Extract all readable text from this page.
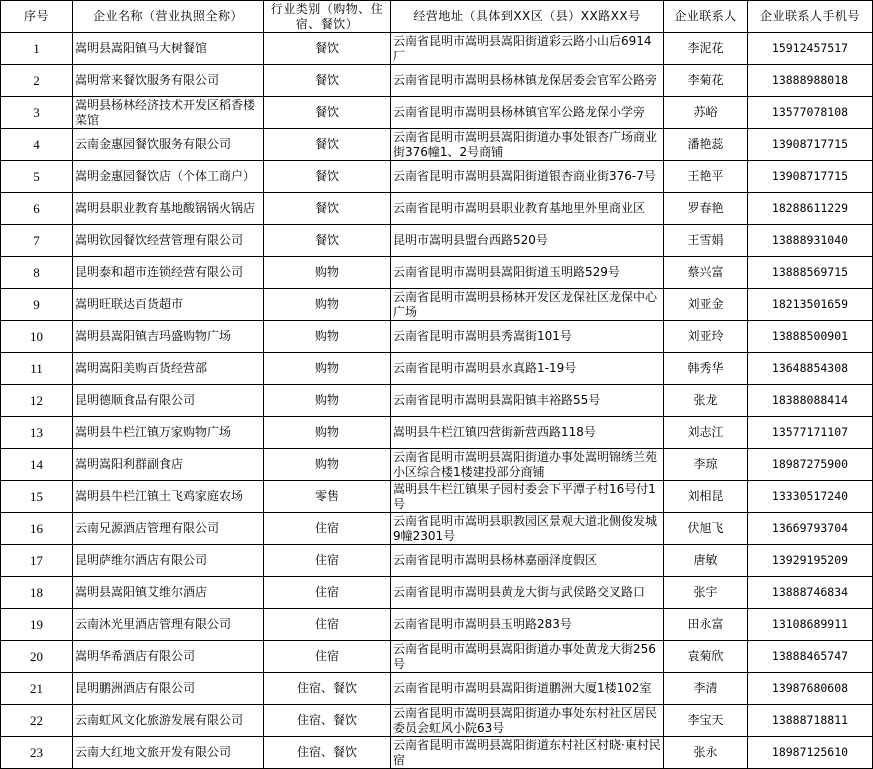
序号	企业名称（营业执照全称）	行业类别（购物、住宿、餐饮）	经营地址（具体到XX区（县）XX路XX号	企业联系人	企业联系人手机号
1	嵩明县嵩阳镇马大树餐馆	餐饮	云南省昆明市嵩明县嵩阳街道彩云路小山后6914厂	李泥花	15912457517
2	嵩明常来餐饮服务有限公司	餐饮	云南省昆明市嵩明县杨林镇龙保居委会官军公路旁	李菊花	13888988018
3	嵩明县杨林经济技术开发区稻香楼菜馆	餐饮	云南省昆明市嵩明县杨林镇官军公路龙保小学旁	苏峪	13577078108
4	云南金惠园餐饮服务有限公司	餐饮	云南省昆明市嵩明县嵩阳街道办事处银杏广场商业街376幢1、2号商铺	潘艳蕊	13908717715
5	嵩明金惠园餐饮店（个体工商户）	餐饮	云南省昆明市嵩明县嵩阳街道银杏商业街376-7号	王艳平	13908717715
6	嵩明县职业教育基地酸锅锅火锅店	餐饮	云南省昆明市嵩明县职业教育基地里外里商业区	罗春艳	18288611229
7	嵩明钦园餐饮经营管理有限公司	餐饮	昆明市嵩明县盟台西路520号	王雪娟	13888931040
8	昆明泰和超市连锁经营有限公司	购物	云南省昆明市嵩明县嵩阳街道玉明路529号	蔡兴富	13888569715
9	嵩明旺联达百货超市	购物	云南省昆明市嵩明县杨林开发区龙保社区龙保中心广场	刘亚金	18213501659
10	嵩明县嵩阳镇吉玛盛购物广场	购物	云南省昆明市嵩明县秀嵩街101号	刘亚玲	13888500901
11	嵩明嵩阳美购百货经营部	购物	云南省昆明市嵩明县水真路1-19号	韩秀华	13648854308
12	昆明德顺食品有限公司	购物	云南省昆明市嵩明县嵩阳镇丰裕路55号	张龙	18388088414
13	嵩明县牛栏江镇万家购物广场	购物	嵩明县牛栏江镇四营街新营西路118号	刘志江	13577171107
14	嵩明嵩阳利群副食店	购物	云南省昆明市嵩明县嵩阳街道办事处嵩明锦绣兰苑小区综合楼1楼建投部分商铺	李琼	18987275900
15	嵩明县牛栏江镇土飞鸡家庭农场	零售	嵩明县牛栏江镇果子园村委会下平潭子村16号付1号	刘相昆	13330517240
16	云南兄源酒店管理有限公司	住宿	云南省昆明市嵩明县职教园区景观大道北侧俊发城9幢2301号	伏旭飞	13669793704
17	昆明萨维尔酒店有限公司	住宿	云南省昆明市嵩明县杨林嘉丽泽度假区	唐敏	13929195209
18	嵩明县嵩阳镇艾维尔酒店	住宿	云南省昆明市嵩明县黄龙大街与武侯路交叉路口	张宇	13888746834
19	云南沐光里酒店管理有限公司	住宿	云南省昆明市嵩明县玉明路283号	田永富	13108689911
20	嵩明华希酒店有限公司	住宿	云南省昆明市嵩明县嵩阳街道办事处黄龙大街256号	袁菊欣	13888465747
21	昆明鹏洲酒店有限公司	住宿、餐饮	云南省昆明市嵩明县嵩阳街道鹏洲大厦1楼102室	李清	13987680608
22	云南虹风文化旅游发展有限公司	住宿、餐饮	云南省昆明市嵩明县嵩阳街道办事处东村社区居民委员会虹风小院63号	李宝天	13888718811
23	云南大红地文旅开发有限公司	住宿、餐饮	云南省昆明市嵩明县嵩阳街道东村社区村晓·東村民宿	张永	18987125610
